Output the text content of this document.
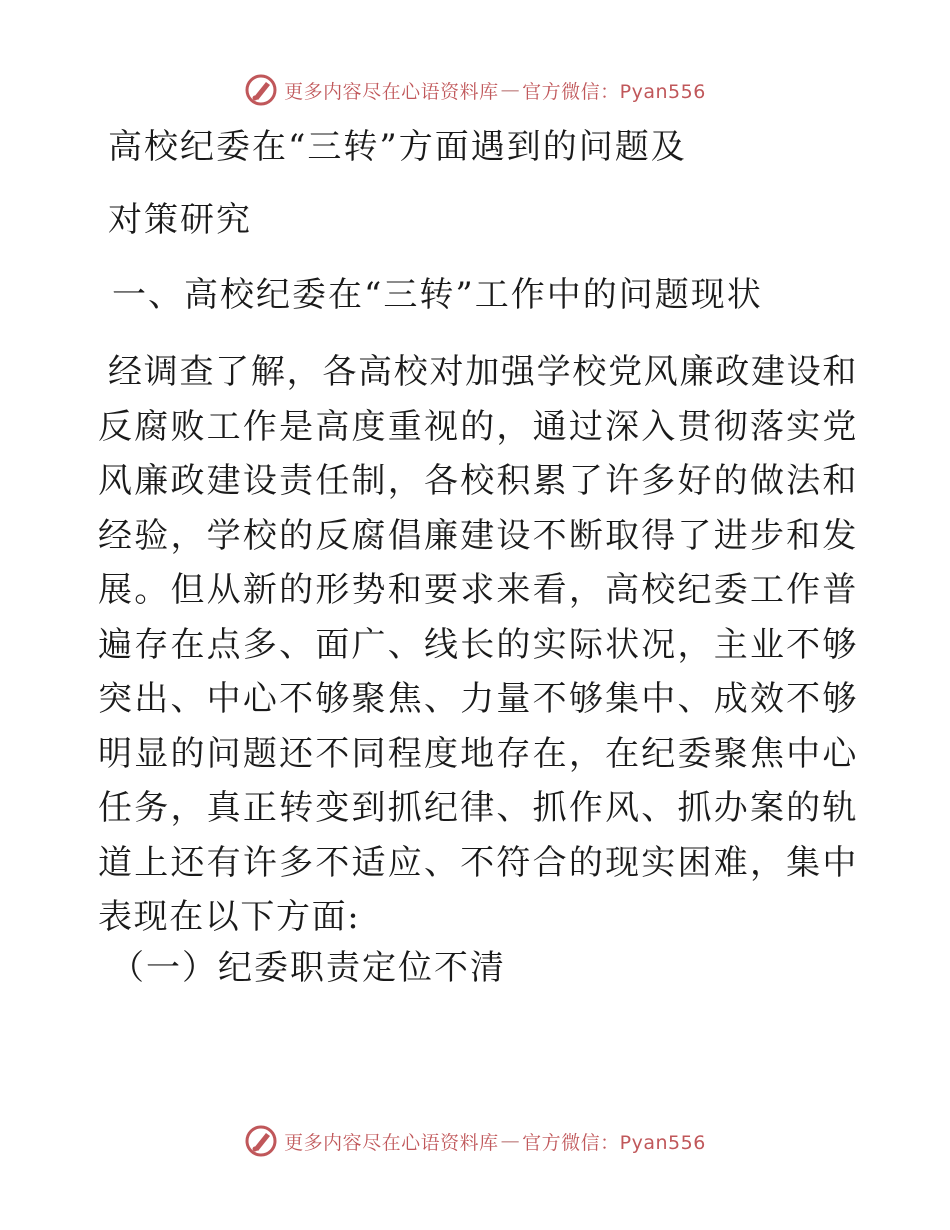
更多内容尽在心语资料库 — 官方微信：Pyan556
高校纪委在“三转”方面遇到的问题及
对策研究
一、高校纪委在“三转”工作中的问题现状

经调查了解，各高校对加强学校党风廉政建设和反腐败工作是高度重视的，通过深入贯彻落实党风廉政建设责任制，各校积累了许多好的做法和经验，学校的反腐倡廉建设不断取得了进步和发展。但从新的形势和要求来看，高校纪委工作普遍存在点多、面广、线长的实际状况，主业不够突出、中心不够聚焦、力量不够集中、成效不够明显的问题还不同程度地存在，在纪委聚焦中心任务，真正转变到抓纪律、抓作风、抓办案的轨道上还有许多不适应、不符合的现实困难，集中表现在以下方面:

（一）纪委职责定位不清
更多内容尽在心语资料库 — 官方微信：Pyan556
